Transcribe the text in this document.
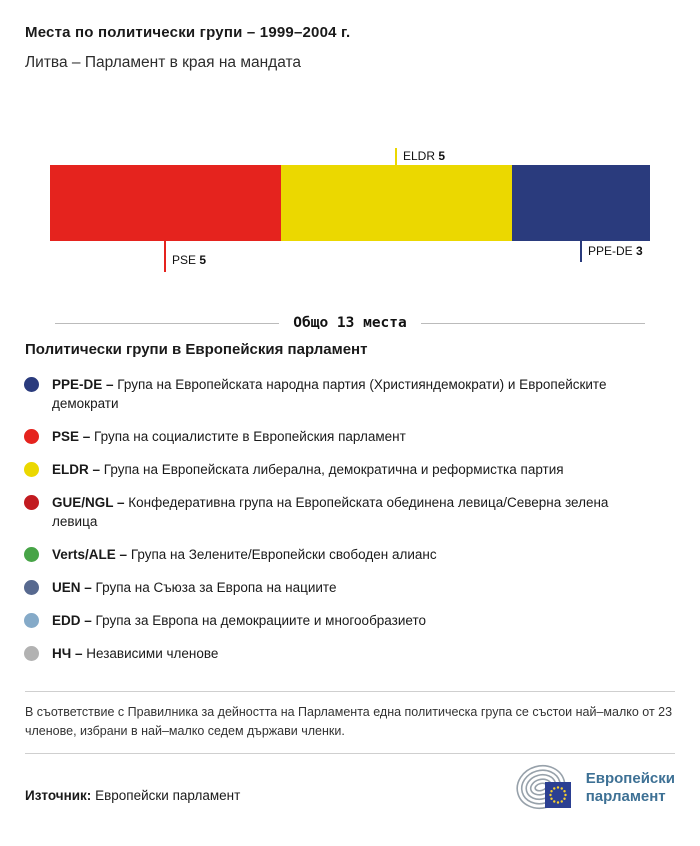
Места по политически групи – 1999–2004 г.
Литва – Парламент в края на мандата
ELDR 5
PSE 5
PPE-DE 3
Общо 13 места
Политически групи в Европейския парламент
PPE-DE – Група на Европейската народна партия (Християндемократи) и Европейските демократи
PSE – Група на социалистите в Европейския парламент
ELDR – Група на Европейската либерална, демократична и реформистка партия
GUE/NGL – Конфедеративна група на Европейската обединена левица/Северна зелена левица
Verts/ALE – Група на Зелените/Европейски свободен алианс
UEN – Група на Съюза за Европа на нациите
EDD – Група за Европа на демокрациите и многообразието
НЧ – Независими членове
В съответствие с Правилника за дейността на Парламента една политическа група се състои най–малко от 23 членове, избрани в най–малко седем държави членки.
Източник: Европейски парламент
Европейски
парламент
